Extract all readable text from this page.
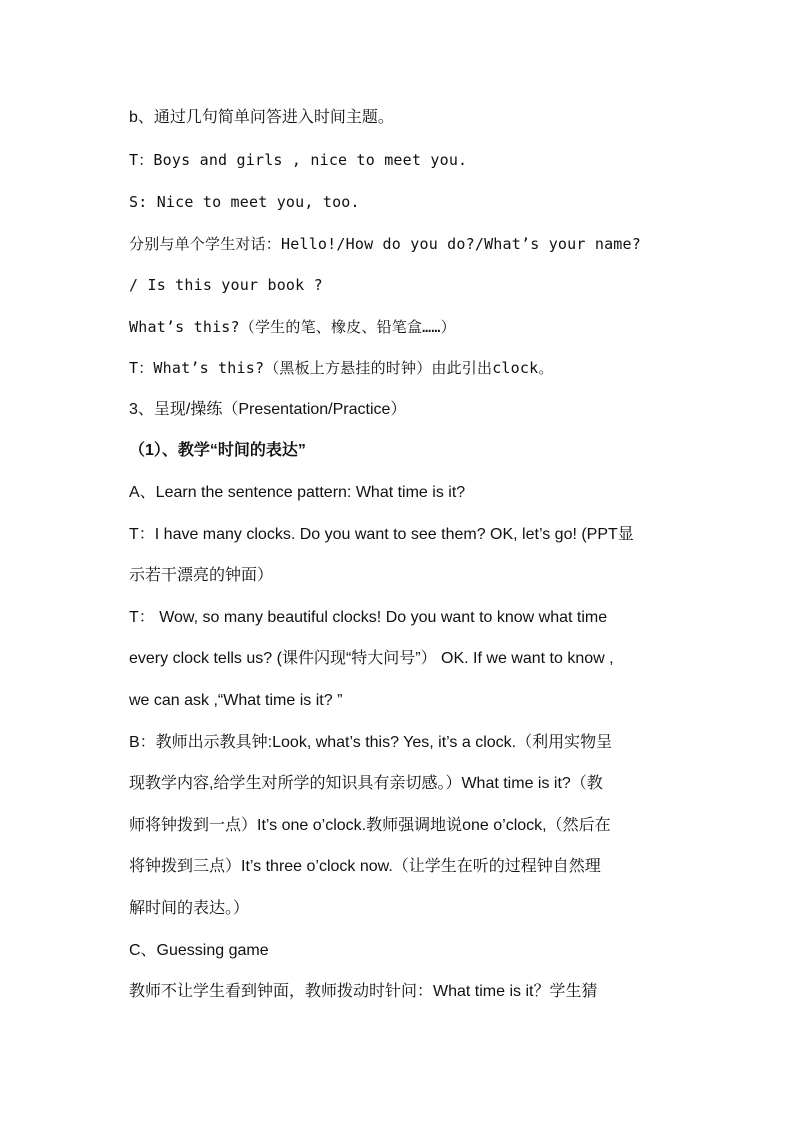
b、通过几句简单问答进入时间主题。

T：Boys and girls , nice to meet you.

S: Nice to meet you, too.

分别与单个学生对话：Hello!/How do you do?/What’s your name?

/ Is this your book ?

What’s this?（学生的笔、橡皮、铅笔盒……）

T：What’s this?（黑板上方悬挂的时钟）由此引出clock。

3、呈现/操练（Presentation/Practice）

（1）、教学“时间的表达”

A、Learn the sentence pattern: What time is it?

T：I have many clocks. Do you want to see them? OK, let’s go! (PPT显

示若干漂亮的钟面）

T： Wow, so many beautiful clocks! Do you want to know what time

every clock tells us? (课件闪现“特大问号”） OK. If we want to know ,

we can ask ,“What time is it? ”

B：教师出示教具钟:Look, what’s this? Yes, it’s a clock.（利用实物呈

现教学内容,给学生对所学的知识具有亲切感。）What time is it?（教

师将钟拨到一点）It’s one o’clock.教师强调地说one o’clock,（然后在

将钟拨到三点）It’s three o’clock now.（让学生在听的过程钟自然理

解时间的表达。）

C、Guessing game

教师不让学生看到钟面，教师拨动时针问：What time is it？学生猜
